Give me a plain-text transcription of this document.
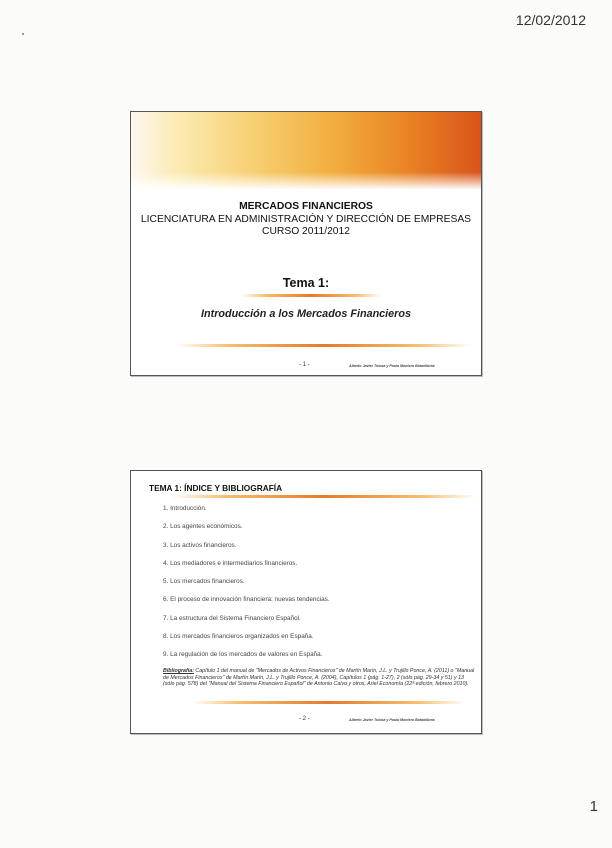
12/02/2012
MERCADOS FINANCIEROS
LICENCIATURA EN ADMINISTRACIÓN Y DIRECCIÓN DE EMPRESAS
CURSO 2011/2012
Tema 1:
Introducción a los Mercados Financieros
- 1 -	Alberto Javier Tolosa y Paula Montero Batanlibrás
TEMA 1: ÍNDICE Y BIBLIOGRAFÍA
1. Introducción.
2. Los agentes económicos.
3. Los activos financieros.
4. Los mediadores e intermediarios financieros.
5. Los mercados financieros.
6. El proceso de innovación financiera: nuevas tendencias.
7. La estructura del Sistema Financiero Español.
8. Los mercados financieros organizados en España.
9. La regulación de los mercados de valores en España.
Bibliografía: Capítulo 1 del manual de "Mercados de Activos Financieros" de Martín Marín, J.L. y Trujillo Ponce, A. (2011) o "Manual de Mercados Financieros" de Martín Marín, J.L. y Trujillo Ponce, A. (2004), Capítulos 1 (pág. 1-27), 2 (sólo pág. 29-34 y 51) y 13 (sólo pág. 578) del "Manual del Sistema Financiero Español" de Antonio Calvo y otros, Ariel Economía (22ª edición, febrero 2010).
- 2 -	Alberto Javier Tolosa y Paula Montero Batanlibrás
1
